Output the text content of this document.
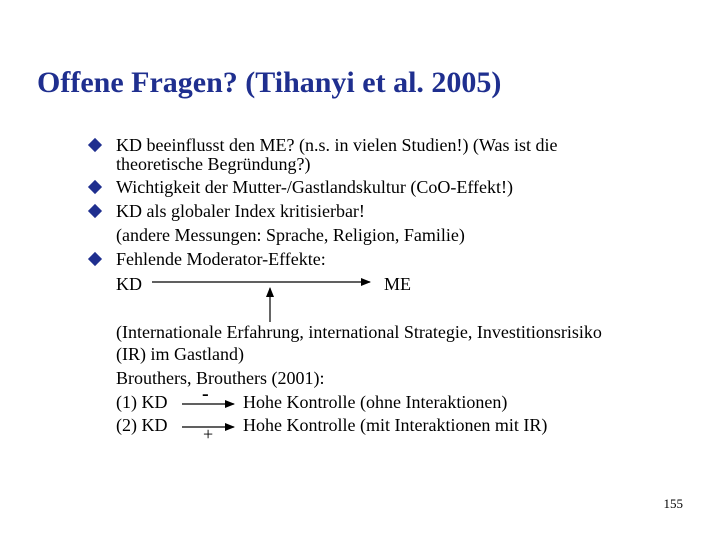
Offene Fragen? (Tihanyi et al. 2005)
KD beeinflusst den ME? (n.s. in vielen Studien!) (Was ist die
theoretische Begründung?)
Wichtigkeit der Mutter-/Gastlandskultur (CoO-Effekt!)
KD als globaler Index kritisierbar!
(andere Messungen: Sprache, Religion, Familie)
Fehlende Moderator-Effekte:
KD	ME
(Internationale Erfahrung, international Strategie, Investitionsrisiko
(IR) im Gastland)
Brouthers, Brouthers (2001):
(1) KD - Hohe Kontrolle (ohne Interaktionen)
(2) KD + Hohe Kontrolle (mit Interaktionen mit IR)
155
